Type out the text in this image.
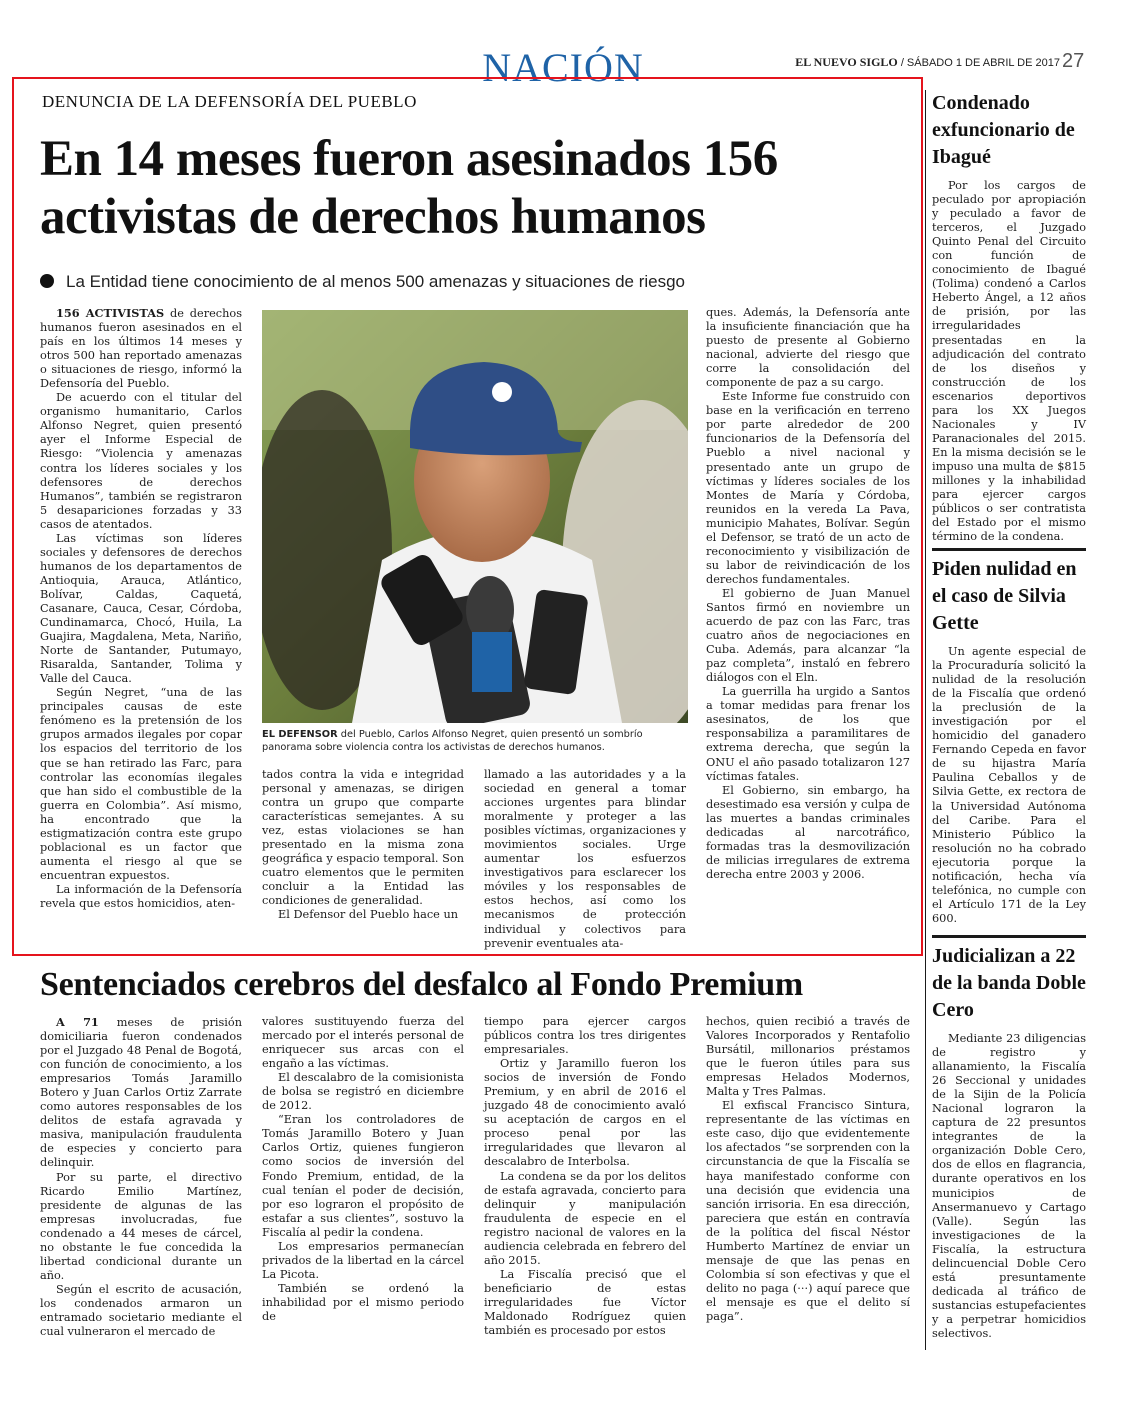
NACIÓN	EL NUEVO SIGLO / SÁBADO 1 DE ABRIL DE 2017 27
DENUNCIA DE LA DEFENSORÍA DEL PUEBLO
En 14 meses fueron asesinados 156 activistas de derechos humanos
La Entidad tiene conocimiento de al menos 500 amenazas y situaciones de riesgo

156 ACTIVISTAS de derechos humanos fueron asesinados en el país en los últimos 14 meses y otros 500 han reportado amenazas o situaciones de riesgo, informó la Defensoría del Pueblo.

De acuerdo con el titular del organismo humanitario, Carlos Alfonso Negret, quien presentó ayer el Informe Especial de Riesgo: “Violencia y amenazas contra los líderes sociales y los defensores de derechos Humanos”, también se registraron 5 desapariciones forzadas y 33 casos de atentados.

Las víctimas son líderes sociales y defensores de derechos humanos de los departamentos de Antioquia, Arauca, Atlántico, Bolívar, Caldas, Caquetá, Casanare, Cauca, Cesar, Córdoba, Cundinamarca, Chocó, Huila, La Guajira, Magdalena, Meta, Nariño, Norte de Santander, Putumayo, Risaralda, Santander, Tolima y Valle del Cauca.

Según Negret, “una de las principales causas de este fenómeno es la pretensión de los grupos armados ilegales por copar los espacios del territorio de los que se han retirado las Farc, para controlar las economías ilegales que han sido el combustible de la guerra en Colombia”. Así mismo, ha encontrado que la estigmatización contra este grupo poblacional es un factor que aumenta el riesgo al que se encuentran expuestos.

La información de la Defensoría revela que estos homicidios, aten-

EL DEFENSOR del Pueblo, Carlos Alfonso Negret, quien presentó un sombrío panorama sobre violencia contra los activistas de derechos humanos.

tados contra la vida e integridad personal y amenazas, se dirigen contra un grupo que comparte características semejantes. A su vez, estas violaciones se han presentado en la misma zona geográfica y espacio temporal. Son cuatro elementos que le permiten concluir a la Entidad las condiciones de generalidad.

El Defensor del Pueblo hace un

llamado a las autoridades y a la sociedad en general a tomar acciones urgentes para blindar moralmente y proteger a las posibles víctimas, organizaciones y movimientos sociales. Urge aumentar los esfuerzos investigativos para esclarecer los móviles y los responsables de estos hechos, así como los mecanismos de protección individual y colectivos para prevenir eventuales ata-

ques. Además, la Defensoría ante la insuficiente financiación que ha puesto de presente al Gobierno nacional, advierte del riesgo que corre la consolidación del componente de paz a su cargo.

Este Informe fue construido con base en la verificación en terreno por parte alrededor de 200 funcionarios de la Defensoría del Pueblo a nivel nacional y presentado ante un grupo de víctimas y líderes sociales de los Montes de María y Córdoba, reunidos en la vereda La Pava, municipio Mahates, Bolívar. Según el Defensor, se trató de un acto de reconocimiento y visibilización de su labor de reivindicación de los derechos fundamentales.

El gobierno de Juan Manuel Santos firmó en noviembre un acuerdo de paz con las Farc, tras cuatro años de negociaciones en Cuba. Además, para alcanzar “la paz completa”, instaló en febrero diálogos con el Eln.

La guerrilla ha urgido a Santos a tomar medidas para frenar los asesinatos, de los que responsabiliza a paramilitares de extrema derecha, que según la ONU el año pasado totalizaron 127 víctimas fatales.

El Gobierno, sin embargo, ha desestimado esa versión y culpa de las muertes a bandas criminales dedicadas al narcotráfico, formadas tras la desmovilización de milicias irregulares de extrema derecha entre 2003 y 2006.

Condenado exfuncionario de Ibagué

Por los cargos de peculado por apropiación y peculado a favor de terceros, el Juzgado Quinto Penal del Circuito con función de conocimiento de Ibagué (Tolima) condenó a Carlos Heberto Ángel, a 12 años de prisión, por las irregularidades presentadas en la adjudicación del contrato de los diseños y construcción de los escenarios deportivos para los XX Juegos Nacionales y IV Paranacionales del 2015. En la misma decisión se le impuso una multa de $815 millones y la inhabilidad para ejercer cargos públicos o ser contratista del Estado por el mismo término de la condena.

Piden nulidad en el caso de Silvia Gette

Un agente especial de la Procuraduría solicitó la nulidad de la resolución de la Fiscalía que ordenó la preclusión de la investigación por el homicidio del ganadero Fernando Cepeda en favor de su hijastra María Paulina Ceballos y de Silvia Gette, ex rectora de la Universidad Autónoma del Caribe. Para el Ministerio Público la resolución no ha cobrado ejecutoria porque la notificación, hecha vía telefónica, no cumple con el Artículo 171 de la Ley 600.

Judicializan a 22 de la banda Doble Cero

Mediante 23 diligencias de registro y allanamiento, la Fiscalía 26 Seccional y unidades de la Sijin de la Policía Nacional lograron la captura de 22 presuntos integrantes de la organización Doble Cero, dos de ellos en flagrancia, durante operativos en los municipios de Ansermanuevo y Cartago (Valle). Según las investigaciones de la Fiscalía, la estructura delincuencial Doble Cero está presuntamente dedicada al tráfico de sustancias estupefacientes y a perpetrar homicidios selectivos.

Sentenciados cerebros del desfalco al Fondo Premium

A 71 meses de prisión domiciliaria fueron condenados por el Juzgado 48 Penal de Bogotá, con función de conocimiento, a los empresarios Tomás Jaramillo Botero y Juan Carlos Ortiz Zarrate como autores responsables de los delitos de estafa agravada y masiva, manipulación fraudulenta de especies y concierto para delinquir.

Por su parte, el directivo Ricardo Emilio Martínez, presidente de algunas de las empresas involucradas, fue condenado a 44 meses de cárcel, no obstante le fue concedida la libertad condicional durante un año.

Según el escrito de acusación, los condenados armaron un entramado societario mediante el cual vulneraron el mercado de

valores sustituyendo fuerza del mercado por el interés personal de enriquecer sus arcas con el engaño a las víctimas.

El descalabro de la comisionista de bolsa se registró en diciembre de 2012.

“Eran los controladores de Tomás Jaramillo Botero y Juan Carlos Ortiz, quienes fungieron como socios de inversión del Fondo Premium, entidad, de la cual tenían el poder de decisión, por eso lograron el propósito de estafar a sus clientes”, sostuvo la Fiscalía al pedir la condena.

Los empresarios permanecían privados de la libertad en la cárcel La Picota.

También se ordenó la inhabilidad por el mismo periodo de

tiempo para ejercer cargos públicos contra los tres dirigentes empresariales.

Ortiz y Jaramillo fueron los socios de inversión de Fondo Premium, y en abril de 2016 el juzgado 48 de conocimiento avaló su aceptación de cargos en el proceso penal por las irregularidades que llevaron al descalabro de Interbolsa.

La condena se da por los delitos de estafa agravada, concierto para delinquir y manipulación fraudulenta de especie en el registro nacional de valores en la audiencia celebrada en febrero del año 2015.

La Fiscalía precisó que el beneficiario de estas irregularidades fue Víctor Maldonado Rodríguez quien también es procesado por estos

hechos, quien recibió a través de Valores Incorporados y Rentafolio Bursátil, millonarios préstamos que le fueron útiles para sus empresas Helados Modernos, Malta y Tres Palmas.

El exfiscal Francisco Sintura, representante de las víctimas en este caso, dijo que evidentemente los afectados “se sorprenden con la circunstancia de que la Fiscalía se haya manifestado conforme con una decisión que evidencia una sanción irrisoria. En esa dirección, pareciera que están en contravía de la política del fiscal Néstor Humberto Martínez de enviar un mensaje de que las penas en Colombia sí son efectivas y que el delito no paga (···) aquí parece que el mensaje es que el delito sí paga”.
